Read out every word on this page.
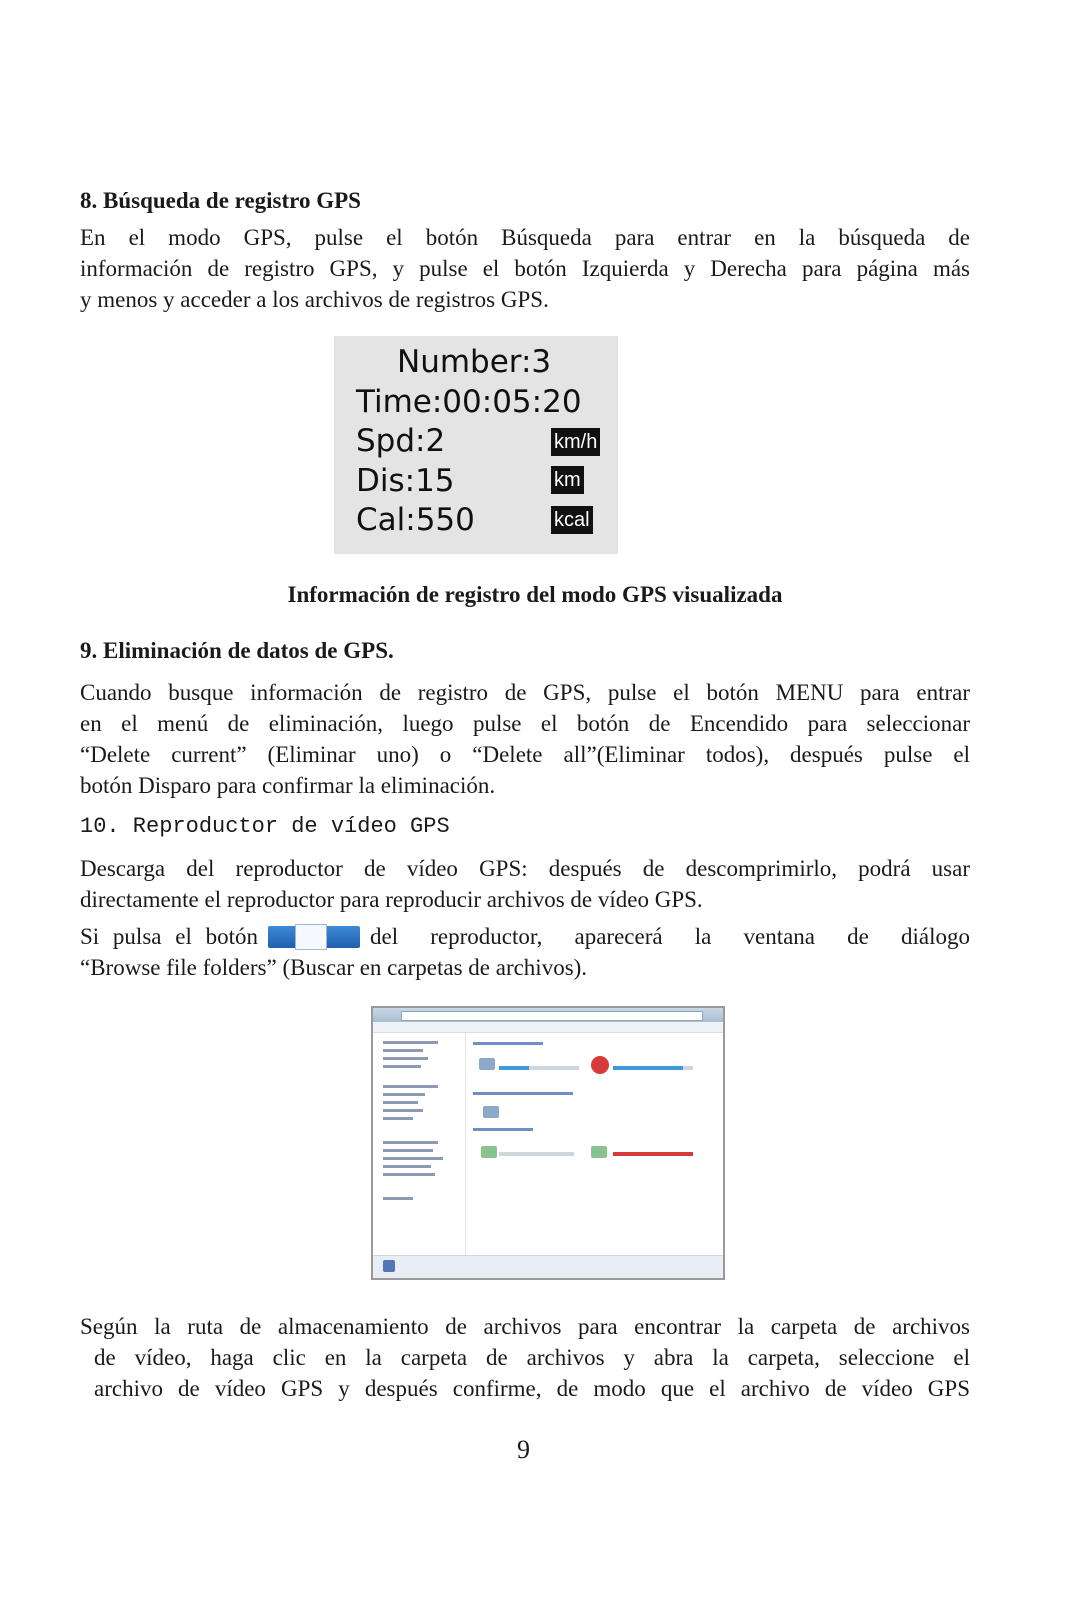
8. Búsqueda de registro GPS

En el modo GPS, pulse el botón Búsqueda para entrar en la búsqueda de

información de registro GPS, y pulse el botón Izquierda y Derecha para página más

y menos y acceder a los archivos de registros GPS.

Number:3
Time:00:05:20
Spd:2	km/h
Dis:15	km
Cal:550	kcal
Información de registro del modo GPS visualizada

9. Eliminación de datos de GPS.

Cuando busque información de registro de GPS, pulse el botón MENU para entrar

en el menú de eliminación, luego pulse el botón de Encendido para seleccionar

“Delete current” (Eliminar uno) o “Delete all”(Eliminar todos), después pulse el

botón Disparo para confirmar la eliminación.

10. Reproductor de vídeo GPS

Descarga del reproductor de vídeo GPS: después de descomprimirlo, podrá usar

directamente el reproductor para reproducir archivos de vídeo GPS.

Si pulsa el botón	del reproductor, aparecerá la ventana de diálogo

“Browse file folders” (Buscar en carpetas de archivos).

Según la ruta de almacenamiento de archivos para encontrar la carpeta de archivos

de vídeo, haga clic en la carpeta de archivos y abra la carpeta, seleccione el

archivo de vídeo GPS y después confirme, de modo que el archivo de vídeo GPS

9
